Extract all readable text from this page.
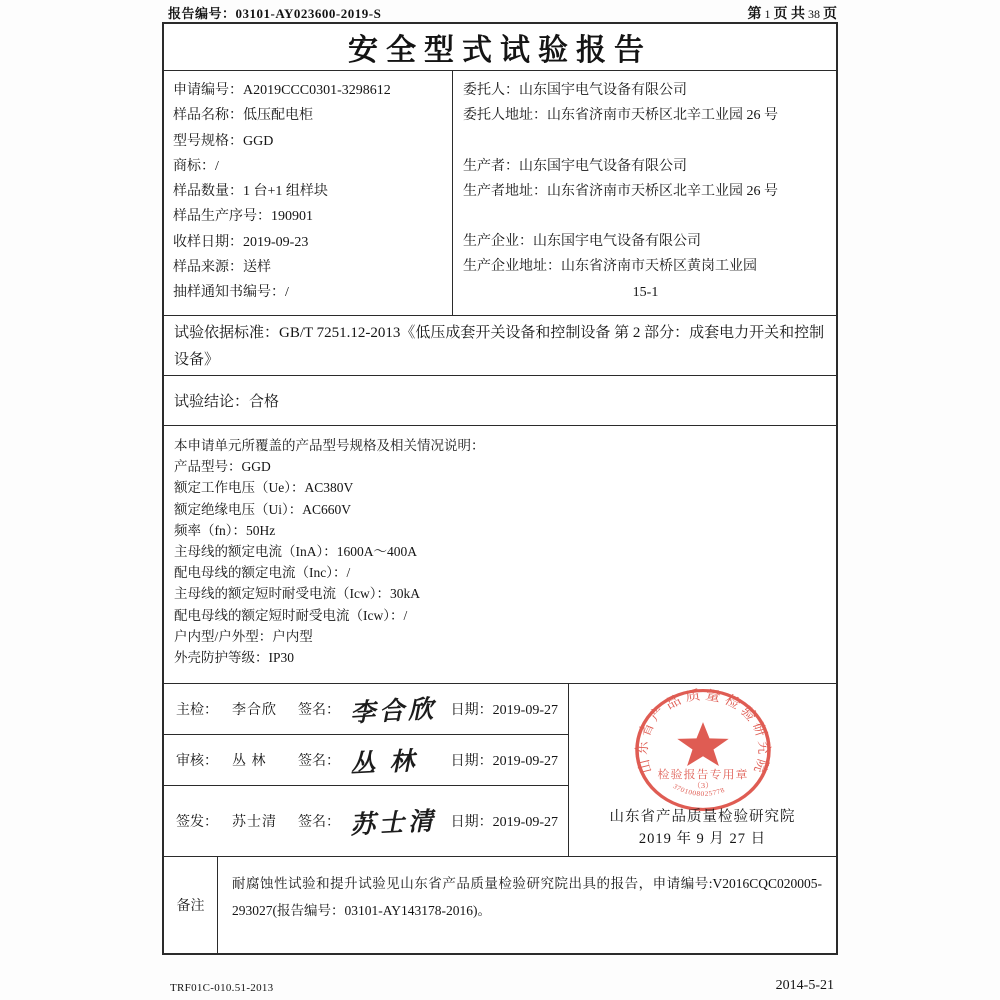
报告编号：03101-AY023600-2019-S	第 1 页 共 38 页
安全型式试验报告
申请编号：A2019CCC0301-3298612
样品名称：低压配电柜
型号规格：GGD
商标：/
样品数量：1 台+1 组样块
样品生产序号：190901
收样日期：2019-09-23
样品来源：送样
抽样通知书编号：/
委托人：山东国宇电气设备有限公司
委托人地址：山东省济南市天桥区北辛工业园 26 号
生产者：山东国宇电气设备有限公司
生产者地址：山东省济南市天桥区北辛工业园 26 号
生产企业：山东国宇电气设备有限公司
生产企业地址：山东省济南市天桥区黄岗工业园
15-1
试验依据标准：GB/T 7251.12-2013《低压成套开关设备和控制设备 第 2 部分：成套电力开关和控制设备》
试验结论： 合格
本申请单元所覆盖的产品型号规格及相关情况说明：
产品型号：GGD
额定工作电压（Ue）：AC380V
额定绝缘电压（Ui）：AC660V
频率（fn）：50Hz
主母线的额定电流（InA）：1600A～400A
配电母线的额定电流（Inc）：/
主母线的额定短时耐受电流（Icw）：30kA
配电母线的额定短时耐受电流（Icw）：/
户内型/户外型：户内型
外壳防护等级：IP30
主检：	李合欣	签名： 李合欣 日期：2019-09-27
审核：	丛 林	签名： 丛 林	日期：2019-09-27
签发：	苏士清	签名： 苏士清 日期：2019-09-27
山东省产品质量检验研究院
检验报告专用章
（3）
3701008025778
山东省产品质量检验研究院
2019 年 9 月 27 日
备注
耐腐蚀性试验和提升试验见山东省产品质量检验研究院出具的报告，申请编号:V2016CQC020005-293027(报告编号：03101-AY143178-2016)。
TRF01C-010.51-2013	2014-5-21
